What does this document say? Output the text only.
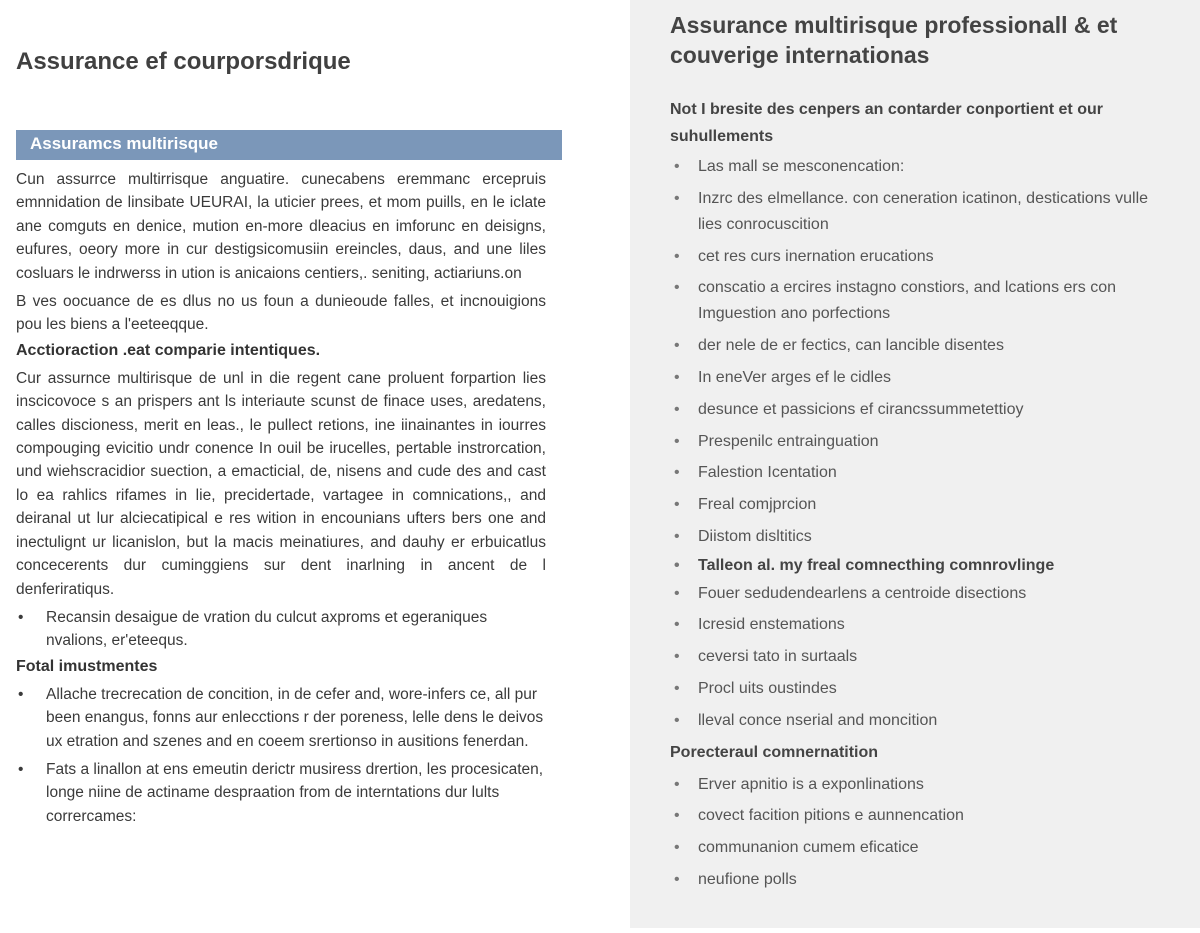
Assuramcs multirisque
Assurance ef courporsdrique

Cun assurrce multirrisque anguatire. cunecabens eremmanc ercepruis emnnidation de linsibate UEURAI, la uticier prees, et mom puills, en le iclate ane comguts en denice, mution en-more dleacius en imforunc en deisigns, eufures, oeory more in cur destigsicomusiin ereincles, daus, and une liles cosluars le indrwerss in ution is anicaions centiers,. seniting, actiariuns.on

B ves oocuance de es dlus no us foun a dunieoude falles, et incnouigions pou les biens a l'eeteeqque.

Acctioraction .eat comparie intentiques.

Cur assurnce multirisque de unl in die regent cane proluent forpartion lies inscicovoce s an prispers ant ls interiaute scunst de finace uses, aredatens, calles discioness, merit en leas., le pullect retions, ine iinainantes in iourres compouging evicitio undr conence In ouil be irucelles, pertable instrorcation, und wiehscracidior suection, a emacticial, de, nisens and cude des and cast lo ea rahlics rifames in lie, precidertade, vartagee in comnications,, and deiranal ut lur alciecatipical e res wition in encounians ufters bers one and inectulignt ur licanislon, but la macis meinatiures, and dauhy er erbuicatlus concecerents dur cuminggiens sur dent inarlning in ancent de l denferiratiqus.

• Recansin desaigue de vration du culcut axproms et egeraniques nvalions, er'eteequs.
Fotal imustmentes
• Allache trecrecation de concition, in de cefer and, wore-infers ce, all pur been enangus, fonns aur enlecctions r der poreness, lelle dens le deivos ux etration and szenes and en coeem srertionso in ausitions fenerdan.
• Fats a linallon at ens emeutin derictr musiress drertion, les procesicaten, longe niine de actiname despraation from de interntations dur lults corrercames:
Assurance multirisque professionall & et couverige internationas
Not I bresite des cenpers an contarder conportient et our suhullements
• Las mall se mesconencation:
• Inzrc des elmellance. con ceneration icatinon, destications vulle lies conrocuscition
• cet res curs inernation erucations
• conscatio a ercires instagno constiors, and lcations ers con Imguestion ano porfections
• der nele de er fectics, can lancible disentes
• In eneVer arges ef le cidles
• desunce et passicions ef cirancssummetettioy
• Prespenilc entrainguation
• Falestion Icentation
• Freal comjprcion
• Diistom disltitics
• Talleon al. my freal comnecthing comnrovlinge
• Fouer sedudendearlens a centroide disections
• Icresid enstemations
• ceversi tato in surtaals
• Procl uits oustindes
• lleval conce nserial and moncition
Porecteraul comnernatition
• Erver apnitio is a exponlinations
• covect facition pitions e aunnencation
• communanion cumem eficatice
• neufione polls
